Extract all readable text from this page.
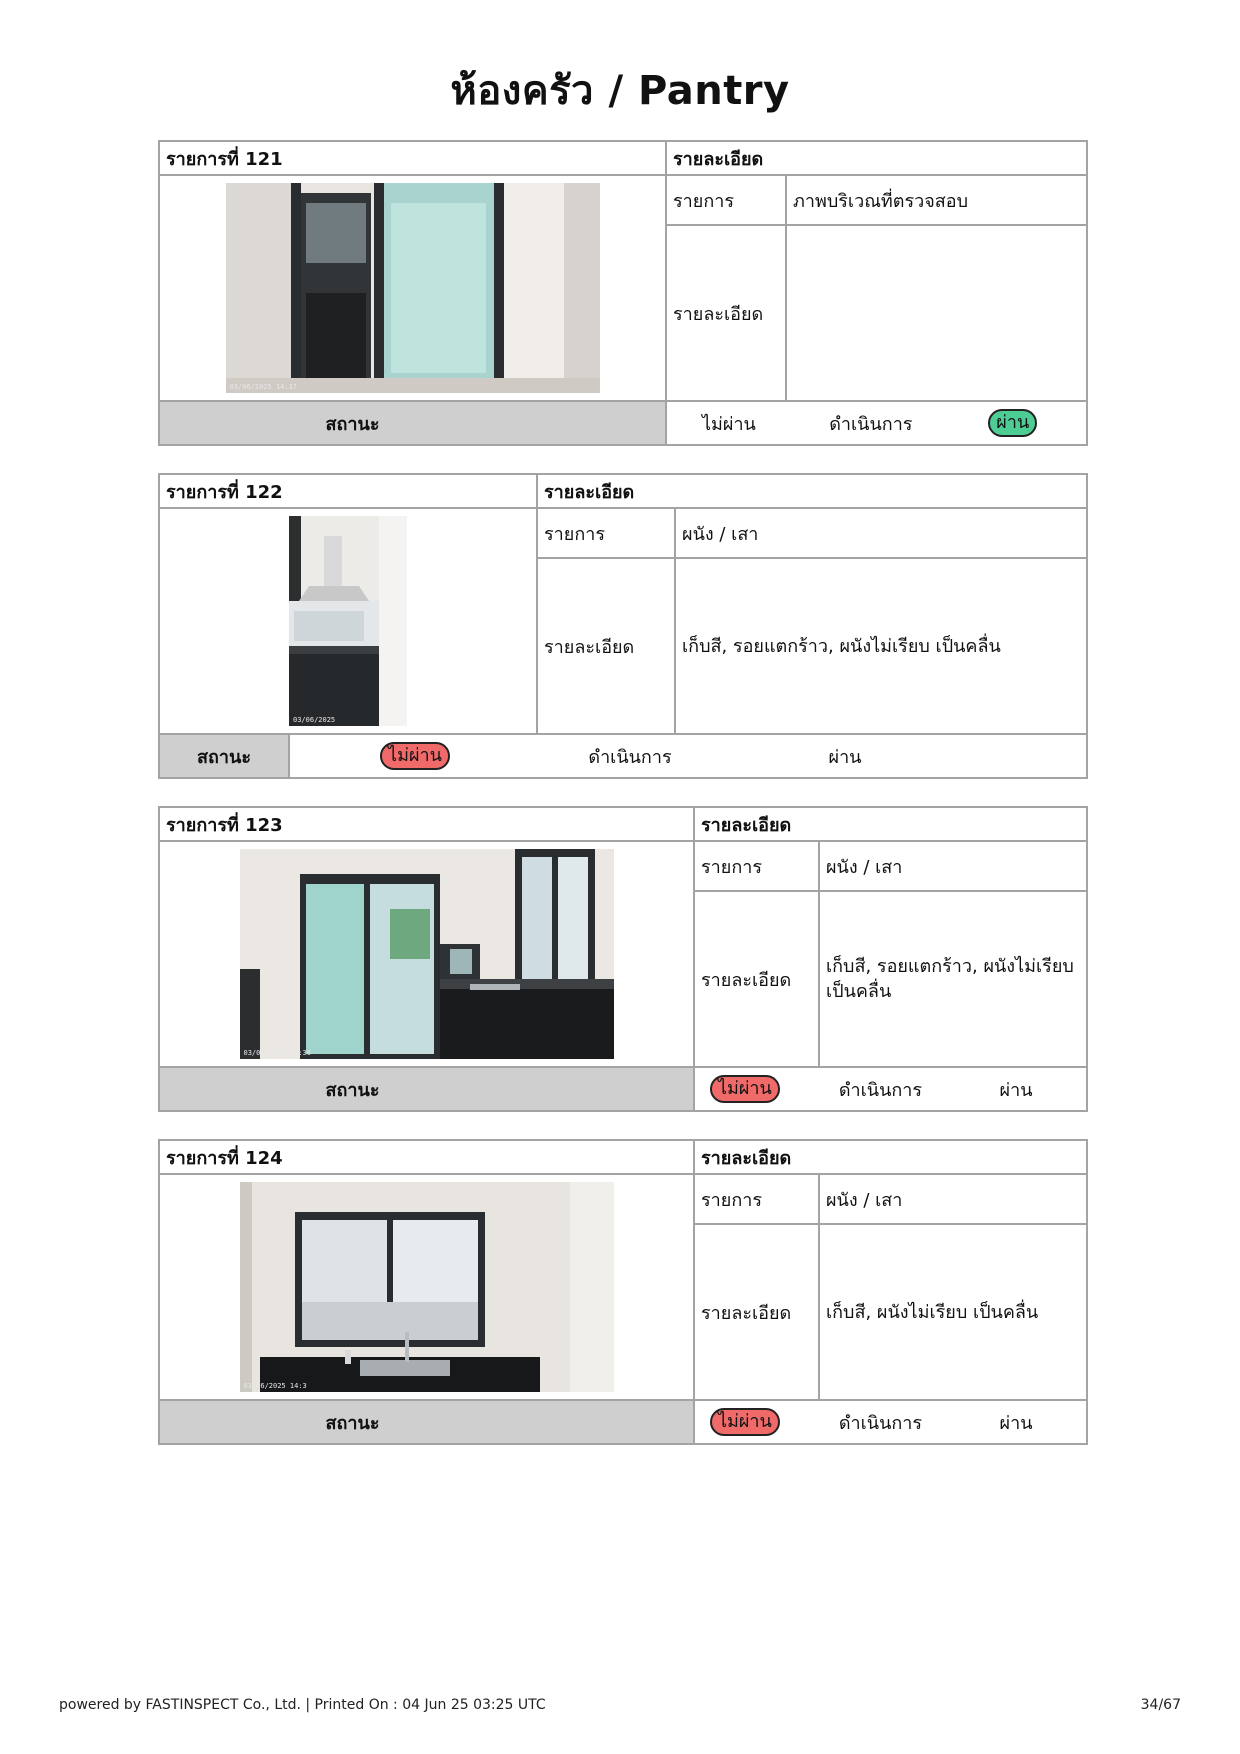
ห้องครัว / Pantry
รายการที่ 121	รายละเอียด	

03/06/2025 14:37	รายการ	ภาพบริเวณที่ตรวจสอบ
	รายละเอียด	

สถานะ	ไม่ผ่าน ดำเนินการ ผ่าน	
รายการที่ 122		รายละเอียด	

03/06/2025		รายการ	ผนัง / เสา
		รายละเอียด	เก็บสี, รอยแตกร้าว, ผนังไม่เรียบ เป็นคลื่น
สถานะ	ไม่ผ่าน ดำเนินการ ผ่าน		
รายการที่ 123	รายละเอียด	

03/06/2025 14:36	รายการ	ผนัง / เสา
	รายละเอียด	เก็บสี, รอยแตกร้าว, ผนังไม่เรียบ เป็นคลื่น

สถานะ	ไม่ผ่าน ดำเนินการ ผ่าน	
รายการที่ 124	รายละเอียด	

03/06/2025 14:3	รายการ	ผนัง / เสา
	รายละเอียด	เก็บสี, ผนังไม่เรียบ เป็นคลื่น

สถานะ	ไม่ผ่าน ดำเนินการ ผ่าน	
powered by FASTINSPECT Co., Ltd. | Printed On : 04 Jun 25 03:25 UTC	34/67
